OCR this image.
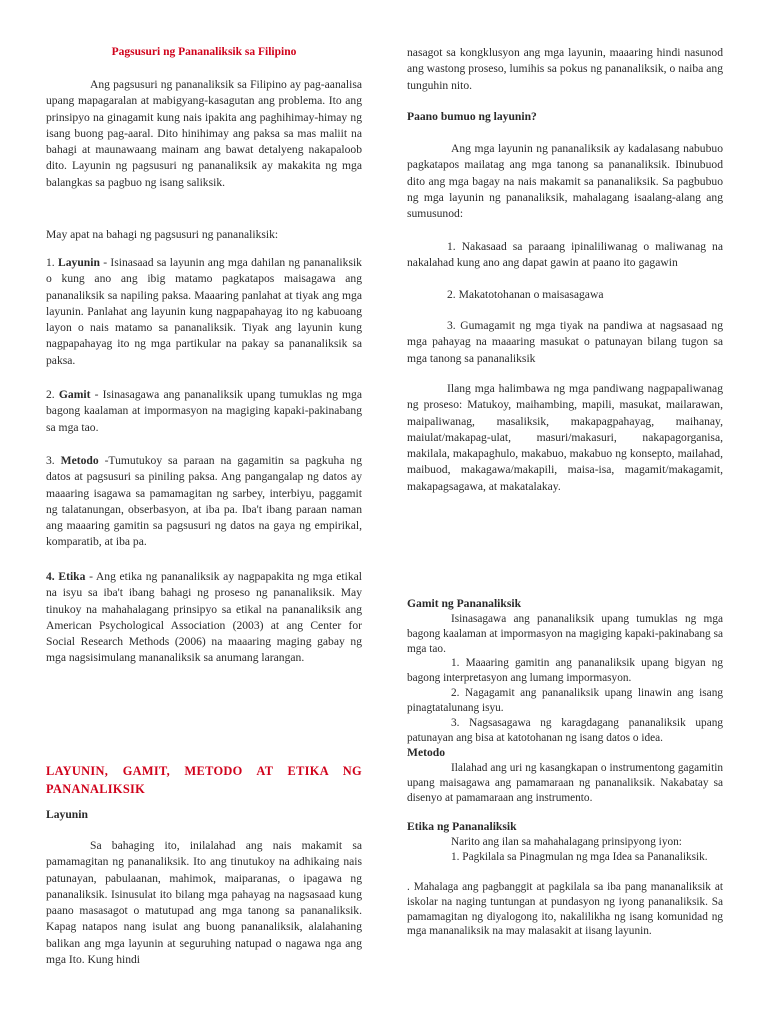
Pagsusuri ng Pananaliksik sa Filipino

Ang pagsusuri ng pananaliksik sa Filipino ay pag-aanalisa upang mapagaralan at mabigyang-kasagutan ang problema. Ito ang prinsipyo na ginagamit kung nais ipakita ang paghihimay-himay ng isang buong pag-aaral. Dito hinihimay ang paksa sa mas maliit na bahagi at maunawaang mainam ang bawat detalyeng nakapaloob dito. Layunin ng pagsusuri ng pananaliksik ay makakita ng mga balangkas sa pagbuo ng isang saliksik.

May apat na bahagi ng pagsusuri ng pananaliksik:

1. Layunin - Isinasaad sa layunin ang mga dahilan ng pananaliksik o kung ano ang ibig matamo pagkatapos maisagawa ang pananaliksik sa napiling paksa. Maaaring panlahat at tiyak ang mga layunin. Panlahat ang layunin kung nagpapahayag ito ng kabuoang layon o nais matamo sa pananaliksik. Tiyak ang layunin kung nagpapahayag ito ng mga partikular na pakay sa pananaliksik sa paksa.

2. Gamit - Isinasagawa ang pananaliksik upang tumuklas ng mga bagong kaalaman at impormasyon na magiging kapaki-pakinabang sa mga tao.

3. Metodo -Tumutukoy sa paraan na gagamitin sa pagkuha ng datos at pagsusuri sa piniling paksa. Ang pangangalap ng datos ay maaaring isagawa sa pamamagitan ng sarbey, interbiyu, paggamit ng talatanungan, obserbasyon, at iba pa. Iba't ibang paraan naman ang maaaring gamitin sa pagsusuri ng datos na gaya ng empirikal, komparatib, at iba pa.

4. Etika - Ang etika ng pananaliksik ay nagpapakita ng mga etikal na isyu sa iba't ibang bahagi ng proseso ng pananaliksik. May tinukoy na mahahalagang prinsipyo sa etikal na pananaliksik ang American Psychological Association (2003) at ang Center for Social Research Methods (2006) na maaaring maging gabay ng mga nagsisimulang mananaliksik sa anumang larangan.

LAYUNIN, GAMIT, METODO AT ETIKA NG PANANALIKSIK
Layunin

Sa bahaging ito, inilalahad ang nais makamit sa pamamagitan ng pananaliksik. Ito ang tinutukoy na adhikaing nais patunayan, pabulaanan, mahimok, maiparanas, o ipagawa ng pananaliksik. Isinusulat ito bilang mga pahayag na nagsasaad kung paano masasagot o matutupad ang mga tanong sa pananaliksik. Kapag natapos nang isulat ang buong pananaliksik, alalahaning balikan ang mga layunin at seguruhing natupad o nagawa nga ang mga Ito. Kung hindi

nasagot sa kongklusyon ang mga layunin, maaaring hindi nasunod ang wastong proseso, lumihis sa pokus ng pananaliksik, o naiba ang tunguhin nito.

Paano bumuo ng layunin?

Ang mga layunin ng pananaliksik ay kadalasang nabubuo pagkatapos mailatag ang mga tanong sa pananaliksik. Ibinubuod dito ang mga bagay na nais makamit sa pananaliksik. Sa pagbubuo ng mga layunin ng pananaliksik, mahalagang isaalang-alang ang sumusunod:

1. Nakasaad sa paraang ipinaliliwanag o maliwanag na nakalahad kung ano ang dapat gawin at paano ito gagawin

2. Makatotohanan o maisasagawa

3. Gumagamit ng mga tiyak na pandiwa at nagsasaad ng mga pahayag na maaaring masukat o patunayan bilang tugon sa mga tanong sa pananaliksik

Ilang mga halimbawa ng mga pandiwang nagpapaliwanag ng proseso: Matukoy, maihambing, mapili, masukat, mailarawan, maipaliwanag, masaliksik, makapagpahayag, maihanay, maiulat/makapag-ulat, masuri/makasuri, nakapagorganisa, makilala, makapaghulo, makabuo, makabuo ng konsepto, mailahad, maibuod, makagawa/makapili, maisa-isa, magamit/makagamit, makapagsagawa, at makatalakay.

Gamit ng Pananaliksik

Isinasagawa ang pananaliksik upang tumuklas ng mga bagong kaalaman at impormasyon na magiging kapaki-pakinabang sa mga tao.

1. Maaaring gamitin ang pananaliksik upang bigyan ng bagong interpretasyon ang lumang impormasyon.

2. Nagagamit ang pananaliksik upang linawin ang isang pinagtatalunang isyu.

3. Nagsasagawa ng karagdagang pananaliksik upang patunayan ang bisa at katotohanan ng isang datos o idea.

Metodo

Ilalahad ang uri ng kasangkapan o instrumentong gagamitin upang maisagawa ang pamamaraan ng pananaliksik. Nakabatay sa disenyo at pamamaraan ang instrumento.

Etika ng Pananaliksik

Narito ang ilan sa mahahalagang prinsipyong iyon:

1. Pagkilala sa Pinagmulan ng mga Idea sa Pananaliksik.

. Mahalaga ang pagbanggit at pagkilala sa iba pang mananaliksik at iskolar na naging tuntungan at pundasyon ng iyong pananaliksik. Sa pamamagitan ng diyalogong ito, nakalilikha ng isang komunidad ng mga mananaliksik na may malasakit at iisang layunin.
